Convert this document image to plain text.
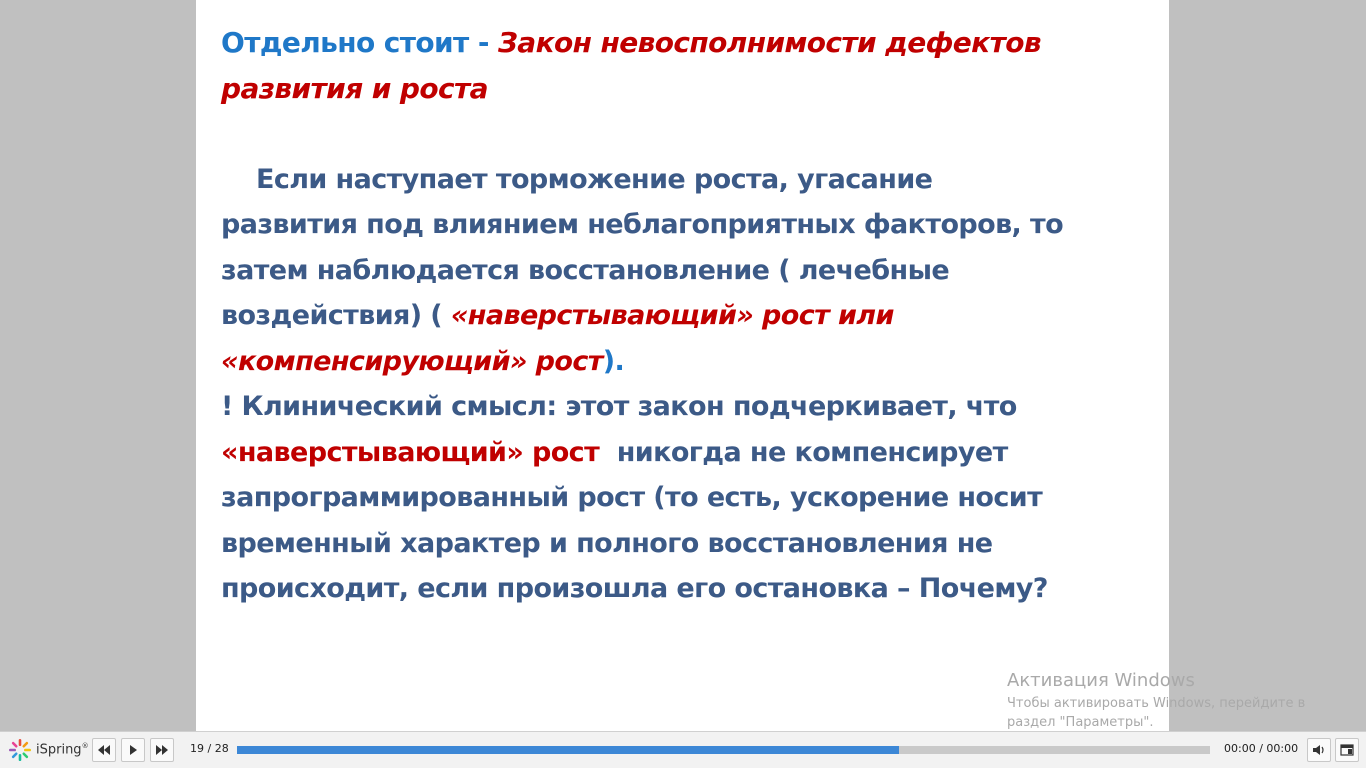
Отдельно стоит - Закон невосполнимости дефектов
развития и роста
Если наступает торможение роста, угасание
развития под влиянием неблагоприятных факторов, то
затем наблюдается восстановление ( лечебные
воздействия) ( «наверстывающий» рост или
«компенсирующий» рост).
! Клинический смысл: этот закон подчеркивает, что
«наверстывающий» рост  никогда не компенсирует
запрограммированный рост (то есть, ускорение носит
временный характер и полного восстановления не
происходит, если произошла его остановка – Почему?
Активация Windows
Чтобы активировать Windows, перейдите в
раздел "Параметры".
iSpring®	19 / 28	00:00 / 00:00
